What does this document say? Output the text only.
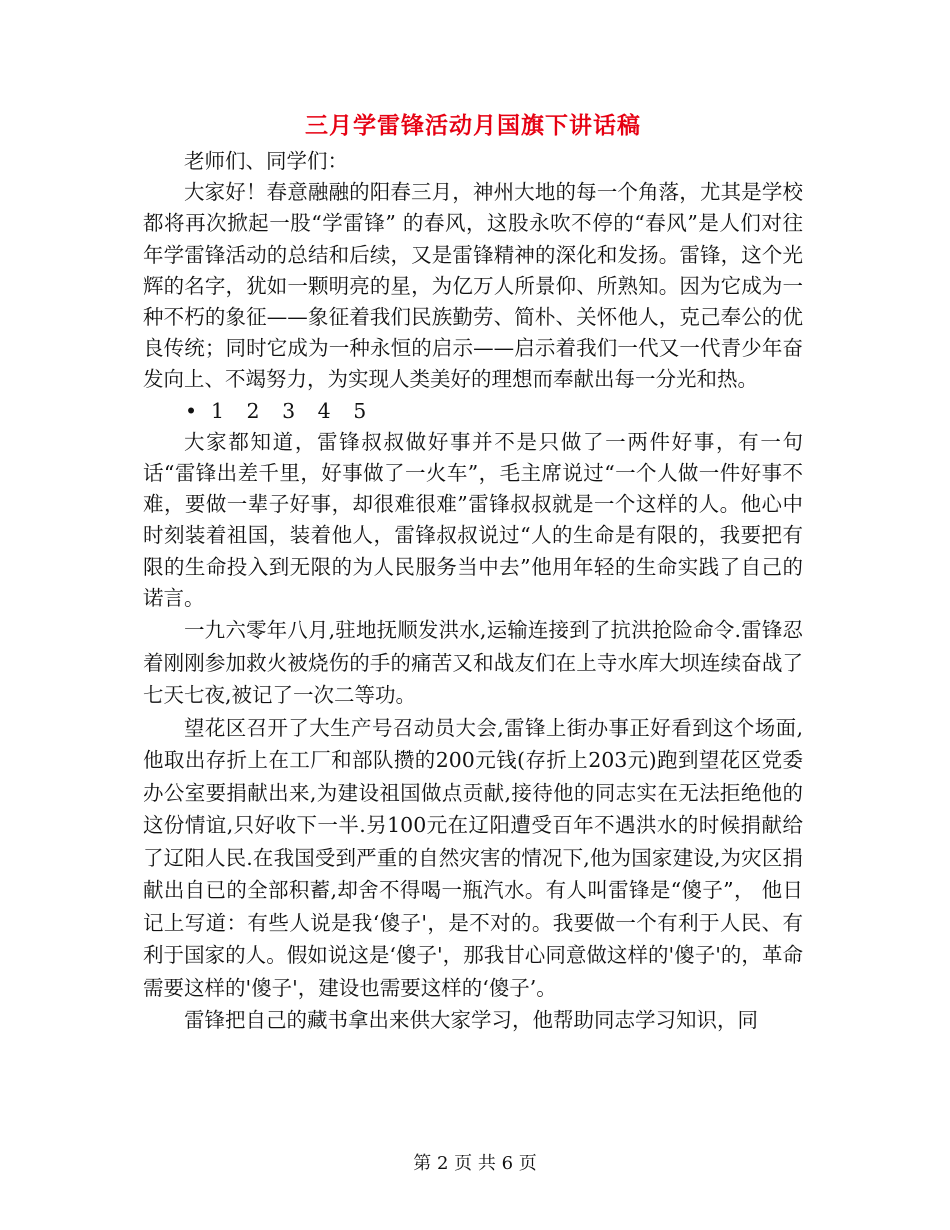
三月学雷锋活动月国旗下讲话稿

老师们、同学们：

大家好！春意融融的阳春三月，神州大地的每一个角落，尤其是学校都将再次掀起一股“学雷锋” 的春风，这股永吹不停的“春风”是人们对往年学雷锋活动的总结和后续，又是雷锋精神的深化和发扬。雷锋，这个光辉的名字，犹如一颗明亮的星，为亿万人所景仰、所熟知。因为它成为一种不朽的象征——象征着我们民族勤劳、简朴、关怀他人，克己奉公的优良传统；同时它成为一种永恒的启示——启示着我们一代又一代青少年奋发向上、不竭努力，为实现人类美好的理想而奉献出每一分光和热。

• 1 2 3 4 5

大家都知道，雷锋叔叔做好事并不是只做了一两件好事，有一句话“雷锋出差千里，好事做了一火车”，毛主席说过“一个人做一件好事不难，要做一辈子好事，却很难很难”雷锋叔叔就是一个这样的人。他心中时刻装着祖国，装着他人，雷锋叔叔说过“人的生命是有限的，我要把有限的生命投入到无限的为人民服务当中去”他用年轻的生命实践了自己的诺言。

一九六零年八月,驻地抚顺发洪水,运输连接到了抗洪抢险命令.雷锋忍着刚刚参加救火被烧伤的手的痛苦又和战友们在上寺水库大坝连续奋战了七天七夜,被记了一次二等功。

望花区召开了大生产号召动员大会,雷锋上街办事正好看到这个场面,他取出存折上在工厂和部队攒的200元钱(存折上203元)跑到望花区党委办公室要捐献出来,为建设祖国做点贡献,接待他的同志实在无法拒绝他的这份情谊,只好收下一半.另100元在辽阳遭受百年不遇洪水的时候捐献给了辽阳人民.在我国受到严重的自然灾害的情况下,他为国家建设,为灾区捐献出自已的全部积蓄,却舍不得喝一瓶汽水。有人叫雷锋是“傻子”， 他日记上写道：有些人说是我‘傻子'，是不对的。我要做一个有利于人民、有利于国家的人。假如说这是‘傻子'，那我甘心同意做这样的'傻子'的，革命需要这样的'傻子'，建设也需要这样的‘傻子’。

雷锋把自己的藏书拿出来供大家学习，他帮助同志学习知识，同

第 2 页 共 6 页
